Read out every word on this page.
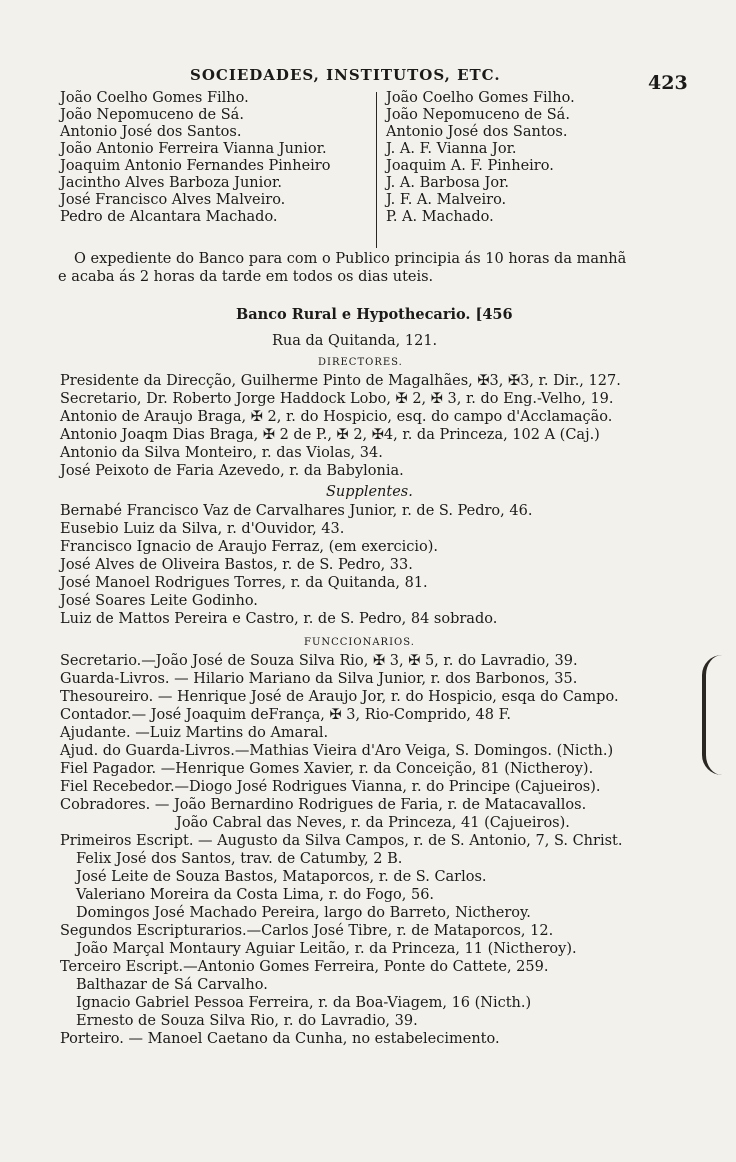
SOCIEDADES, INSTITUTOS, ETC.	423
João Coelho Gomes Filho.
João Nepomuceno de Sá.
Antonio José dos Santos.
João Antonio Ferreira Vianna Junior.
Joaquim Antonio Fernandes Pinheiro
Jacintho Alves Barboza Junior.
José Francisco Alves Malveiro.
Pedro de Alcantara Machado.
João Coelho Gomes Filho.
João Nepomuceno de Sá.
Antonio José dos Santos.
J. A. F. Vianna Jor.
Joaquim A. F. Pinheiro.
J. A. Barbosa Jor.
J. F. A. Malveiro.
P. A. Machado.
O expediente do Banco para com o Publico principia ás 10 horas da manhã
e acaba ás 2 horas da tarde em todos os dias uteis.
Banco Rural e Hypothecario. [456
Rua da Quitanda, 121.
DIRECTORES.
Presidente da Direcção, Guilherme Pinto de Magalhães, ✠3, ✠3, r. Dir., 127.
Secretario, Dr. Roberto Jorge Haddock Lobo, ✠ 2, ✠ 3, r. do Eng.-Velho, 19.
Antonio de Araujo Braga, ✠ 2, r. do Hospicio, esq. do campo d'Acclamação.
Antonio Joaqm Dias Braga, ✠ 2 de P., ✠ 2, ✠4, r. da Princeza, 102 A (Caj.)
Antonio da Silva Monteiro, r. das Violas, 34.
José Peixoto de Faria Azevedo, r. da Babylonia.
Supplentes.
Bernabé Francisco Vaz de Carvalhares Junior, r. de S. Pedro, 46.
Eusebio Luiz da Silva, r. d'Ouvidor, 43.
Francisco Ignacio de Araujo Ferraz, (em exercicio).
José Alves de Oliveira Bastos, r. de S. Pedro, 33.
José Manoel Rodrigues Torres, r. da Quitanda, 81.
José Soares Leite Godinho.
Luiz de Mattos Pereira e Castro, r. de S. Pedro, 84 sobrado.
FUNCCIONARIOS.
Secretario.—João José de Souza Silva Rio, ✠ 3, ✠ 5, r. do Lavradio, 39.
Guarda-Livros. — Hilario Mariano da Silva Junior, r. dos Barbonos, 35.
Thesoureiro. — Henrique José de Araujo Jor, r. do Hospicio, esqa do Campo.
Contador.— José Joaquim deFrança, ✠ 3, Rio-Comprido, 48 F.
Ajudante. —Luiz Martins do Amaral.
Ajud. do Guarda-Livros.—Mathias Vieira d'Aro Veiga, S. Domingos. (Nicth.)
Fiel Pagador. —Henrique Gomes Xavier, r. da Conceição, 81 (Nictheroy).
Fiel Recebedor.—Diogo José Rodrigues Vianna, r. do Principe (Cajueiros).
Cobradores. — João Bernardino Rodrigues de Faria, r. de Matacavallos.
João Cabral das Neves, r. da Princeza, 41 (Cajueiros).
Primeiros Escript. — Augusto da Silva Campos, r. de S. Antonio, 7, S. Christ.
Felix José dos Santos, trav. de Catumby, 2 B.
José Leite de Souza Bastos, Mataporcos, r. de S. Carlos.
Valeriano Moreira da Costa Lima, r. do Fogo, 56.
Domingos José Machado Pereira, largo do Barreto, Nictheroy.
Segundos Escripturarios.—Carlos José Tibre, r. de Mataporcos, 12.
João Marçal Montaury Aguiar Leitão, r. da Princeza, 11 (Nictheroy).
Terceiro Escript.—Antonio Gomes Ferreira, Ponte do Cattete, 259.
Balthazar de Sá Carvalho.
Ignacio Gabriel Pessoa Ferreira, r. da Boa-Viagem, 16 (Nicth.)
Ernesto de Souza Silva Rio, r. do Lavradio, 39.
Porteiro. — Manoel Caetano da Cunha, no estabelecimento.
